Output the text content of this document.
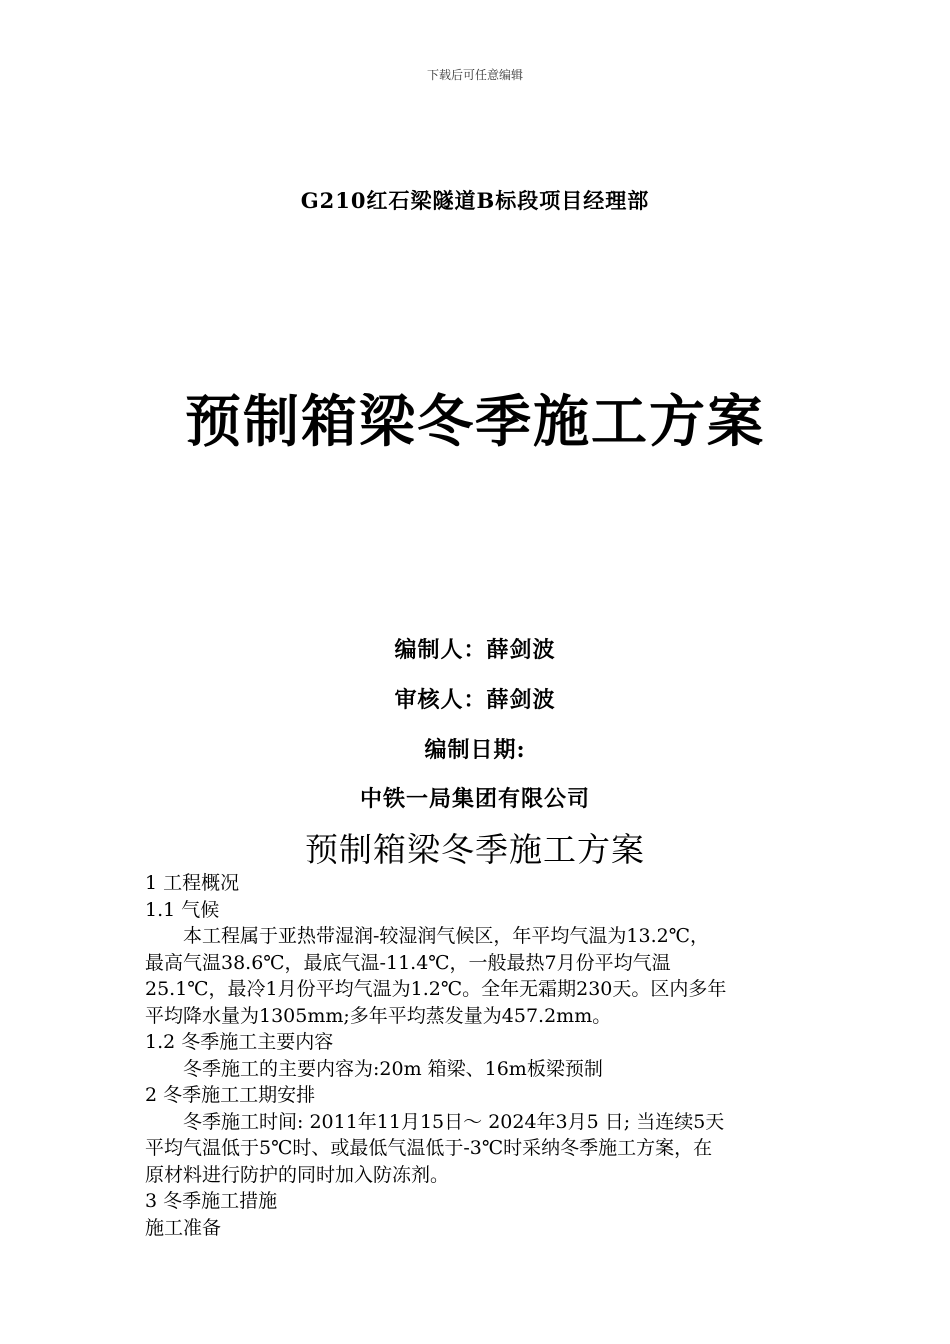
下载后可任意编辑
G210红石梁隧道B标段项目经理部
预制箱梁冬季施工方案
编制人：薛剑波
审核人：薛剑波
编制日期:
中铁一局集团有限公司
预制箱梁冬季施工方案

1 工程概况

1.1 气候

本工程属于亚热带湿润-较湿润气候区，年平均气温为13.2℃，

最高气温38.6℃，最底气温-11.4℃，一般最热7月份平均气温

25.1℃，最冷1月份平均气温为1.2℃。全年无霜期230天。区内多年

平均降水量为1305mm;多年平均蒸发量为457.2mm。

1.2 冬季施工主要内容

冬季施工的主要内容为:20m 箱梁、16m板梁预制

2 冬季施工工期安排

冬季施工时间: 2011年11月15日～ 2024年3月5 日; 当连续5天

平均气温低于5℃时、或最低气温低于-3℃时采纳冬季施工方案，在

原材料进行防护的同时加入防冻剂。

3 冬季施工措施

施工准备
